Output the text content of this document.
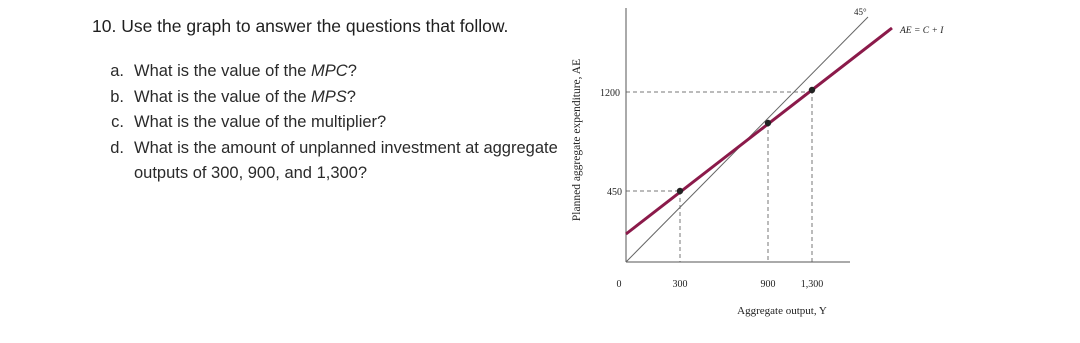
10. Use the graph to answer the questions that follow.

a. What is the value of the MPC?
b. What is the value of the MPS?
c. What is the value of the multiplier?
d. What is the amount of unplanned investment at aggregate outputs of 300, 900, and 1,300?	Planned aggregate expenditure, AE 1200
450
0	300	900	1,300
Aggregate output, Y
45°
AE = C + I
